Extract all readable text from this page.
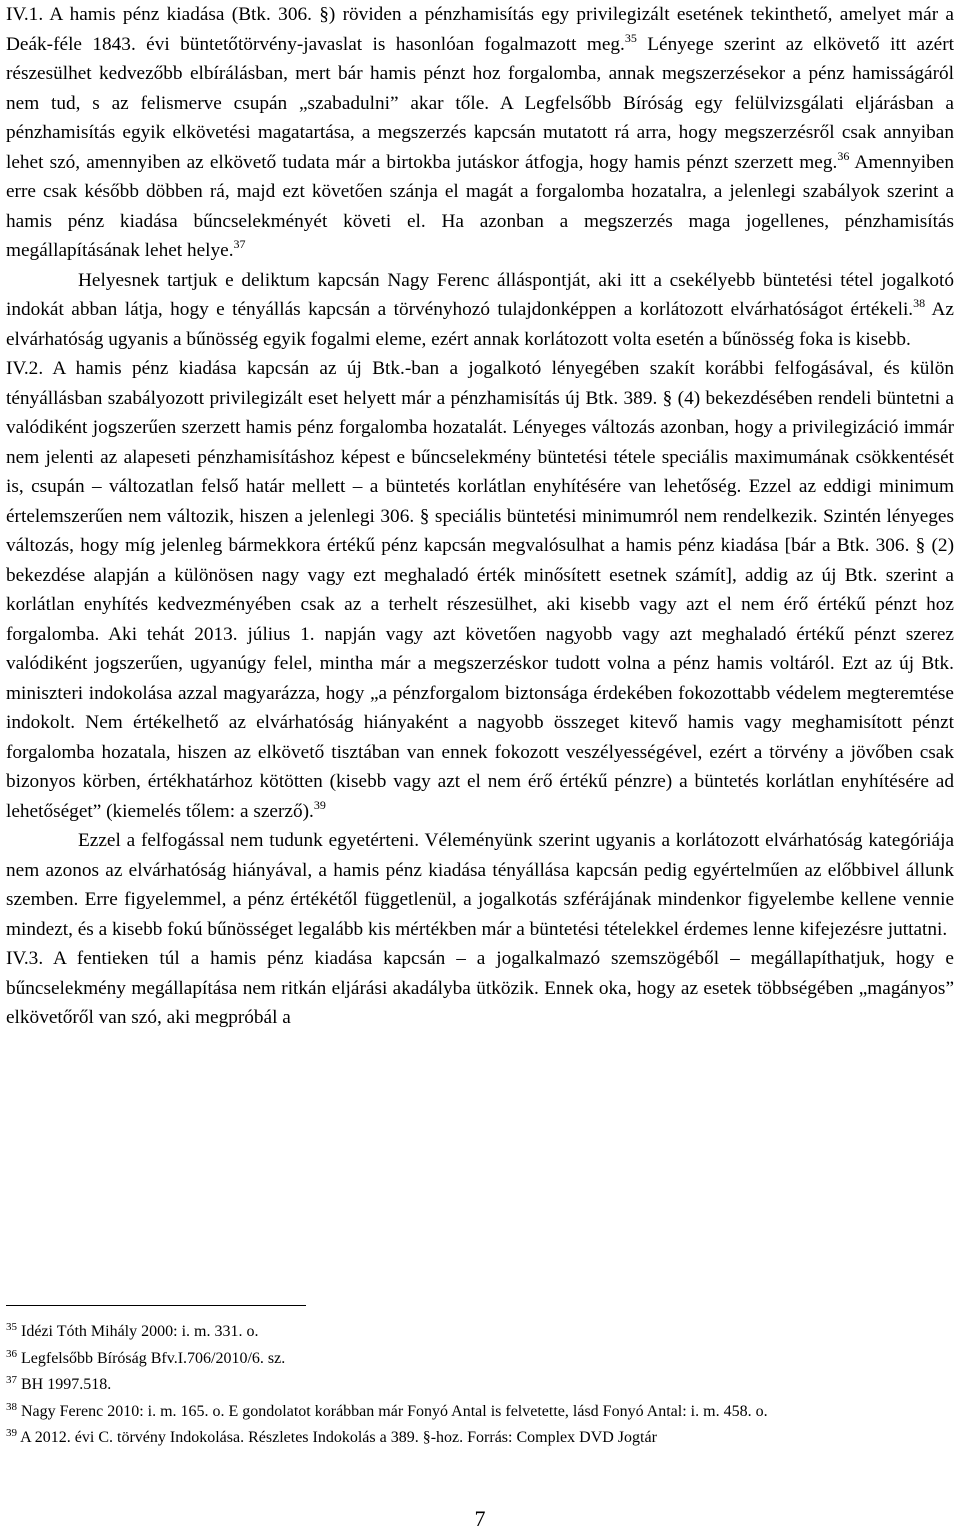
IV.1. A hamis pénz kiadása (Btk. 306. §) röviden a pénzhamisítás egy privilegizált esetének tekinthető, amelyet már a Deák-féle 1843. évi büntetőtörvény-javaslat is hasonlóan fogalmazott meg.$^{35}$ Lényege szerint az elkövető itt azért részesülhet kedvezőbb elbírálásban, mert bár hamis pénzt hoz forgalomba, annak megszerzésekor a pénz hamisságáról nem tud, s az felismerve csupán „szabadulni” akar tőle. A Legfelsőbb Bíróság egy felülvizsgálati eljárásban a pénzhamisítás egyik elkövetési magatartása, a megszerzés kapcsán mutatott rá arra, hogy megszerzésről csak annyiban lehet szó, amennyiben az elkövető tudata már a birtokba jutáskor átfogja, hogy hamis pénzt szerzett meg.$^{36}$ Amennyiben erre csak később döbben rá, majd ezt követően szánja el magát a forgalomba hozatalra, a jelenlegi szabályok szerint a hamis pénz kiadása bűncselekményét követi el. Ha azonban a megszerzés maga jogellenes, pénzhamisítás megállapításának lehet helye.$^{37}$

Helyesnek tartjuk e deliktum kapcsán Nagy Ferenc álláspontját, aki itt a csekélyebb büntetési tétel jogalkotó indokát abban látja, hogy e tényállás kapcsán a törvényhozó tulajdonképpen a korlátozott elvárhatóságot értékeli.$^{38}$ Az elvárhatóság ugyanis a bűnösség egyik fogalmi eleme, ezért annak korlátozott volta esetén a bűnösség foka is kisebb.

IV.2. A hamis pénz kiadása kapcsán az új Btk.-ban a jogalkotó lényegében szakít korábbi felfogásával, és külön tényállásban szabályozott privilegizált eset helyett már a pénzhamisítás új Btk. 389. § (4) bekezdésében rendeli büntetni a valódiként jogszerűen szerzett hamis pénz forgalomba hozatalát. Lényeges változás azonban, hogy a privilegizáció immár nem jelenti az alapeseti pénzhamisításhoz képest e bűncselekmény büntetési tétele speciális maximumának csökkentését is, csupán – változatlan felső határ mellett – a büntetés korlátlan enyhítésére van lehetőség. Ezzel az eddigi minimum értelemszerűen nem változik, hiszen a jelenlegi 306. § speciális büntetési minimumról nem rendelkezik. Szintén lényeges változás, hogy míg jelenleg bármekkora értékű pénz kapcsán megvalósulhat a hamis pénz kiadása [bár a Btk. 306. § (2) bekezdése alapján a különösen nagy vagy ezt meghaladó érték minősített esetnek számít], addig az új Btk. szerint a korlátlan enyhítés kedvezményében csak az a terhelt részesülhet, aki kisebb vagy azt el nem érő értékű pénzt hoz forgalomba. Aki tehát 2013. július 1. napján vagy azt követően nagyobb vagy azt meghaladó értékű pénzt szerez valódiként jogszerűen, ugyanúgy felel, mintha már a megszerzéskor tudott volna a pénz hamis voltáról. Ezt az új Btk. miniszteri indokolása azzal magyarázza, hogy „a pénzforgalom biztonsága érdekében fokozottabb védelem megteremtése indokolt. Nem értékelhető az elvárhatóság hiányaként a nagyobb összeget kitevő hamis vagy meghamisított pénzt forgalomba hozatala, hiszen az elkövető tisztában van ennek fokozott veszélyességével, ezért a törvény a jövőben csak bizonyos körben, értékhatárhoz kötötten (kisebb vagy azt el nem érő értékű pénzre) a büntetés korlátlan enyhítésére ad lehetőséget” (kiemelés tőlem: a szerző).$^{39}$

Ezzel a felfogással nem tudunk egyetérteni. Véleményünk szerint ugyanis a korlátozott elvárhatóság kategóriája nem azonos az elvárhatóság hiányával, a hamis pénz kiadása tényállása kapcsán pedig egyértelműen az előbbivel állunk szemben. Erre figyelemmel, a pénz értékétől függetlenül, a jogalkotás szférájának mindenkor figyelembe kellene vennie mindezt, és a kisebb fokú bűnösséget legalább kis mértékben már a büntetési tételekkel érdemes lenne kifejezésre juttatni.

IV.3. A fentieken túl a hamis pénz kiadása kapcsán – a jogalkalmazó szemszögéből – megállapíthatjuk, hogy e bűncselekmény megállapítása nem ritkán eljárási akadályba ütközik. Ennek oka, hogy az esetek többségében „magányos” elkövetőről van szó, aki megpróbál a

$^{35}$ Idézi Tóth Mihály 2000: i. m. 331. o.

$^{36}$ Legfelsőbb Bíróság Bfv.I.706/2010/6. sz.

$^{37}$ BH 1997.518.

$^{38}$ Nagy Ferenc 2010: i. m. 165. o. E gondolatot korábban már Fonyó Antal is felvetette, lásd Fonyó Antal: i. m. 458. o.

$^{39}$ A 2012. évi C. törvény Indokolása. Részletes Indokolás a 389. §-hoz. Forrás: Complex DVD Jogtár

7
